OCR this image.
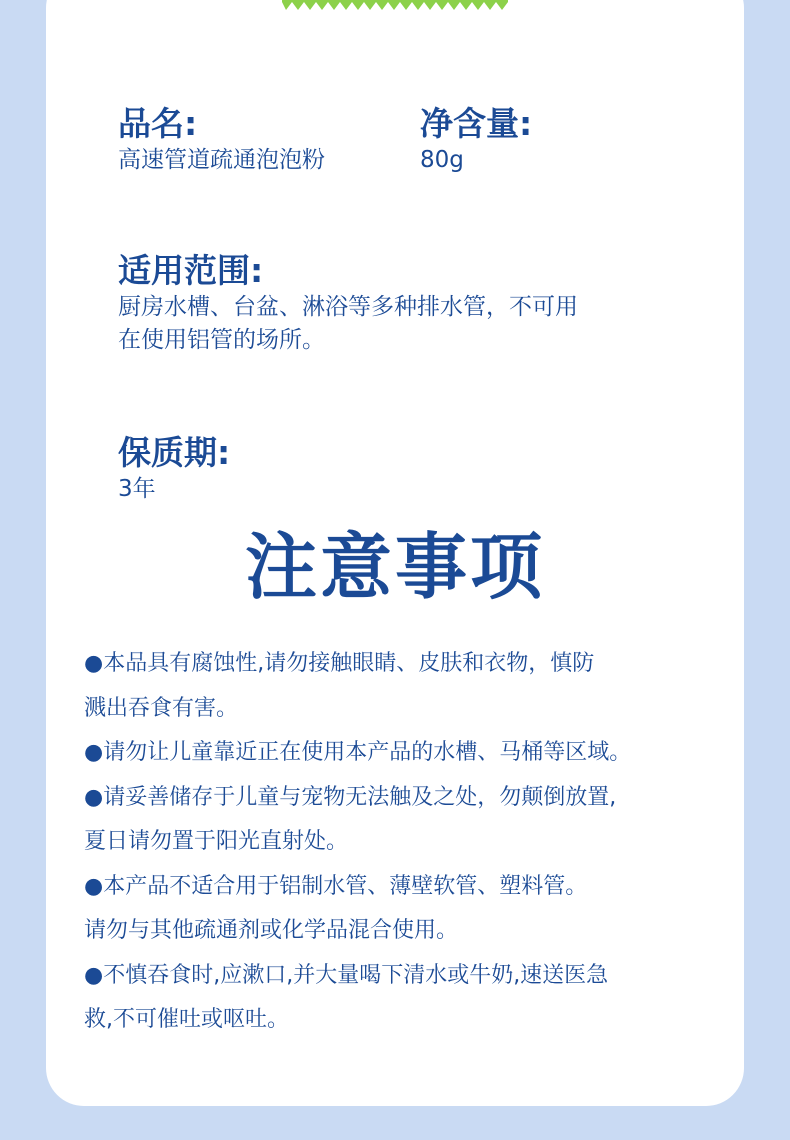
品名:
高速管道疏通泡泡粉
净含量:
80g
适用范围:
厨房水槽、台盆、淋浴等多种排水管，不可用
在使用铝管的场所。
保质期:
3年
注意事项
●本品具有腐蚀性,请勿接触眼睛、皮肤和衣物，慎防
溅出吞食有害。
●请勿让儿童靠近正在使用本产品的水槽、马桶等区域。
●请妥善储存于儿童与宠物无法触及之处，勿颠倒放置,
夏日请勿置于阳光直射处。
●本产品不适合用于铝制水管、薄壁软管、塑料管。
请勿与其他疏通剂或化学品混合使用。
●不慎吞食时,应漱口,并大量喝下清水或牛奶,速送医急
救,不可催吐或呕吐。
